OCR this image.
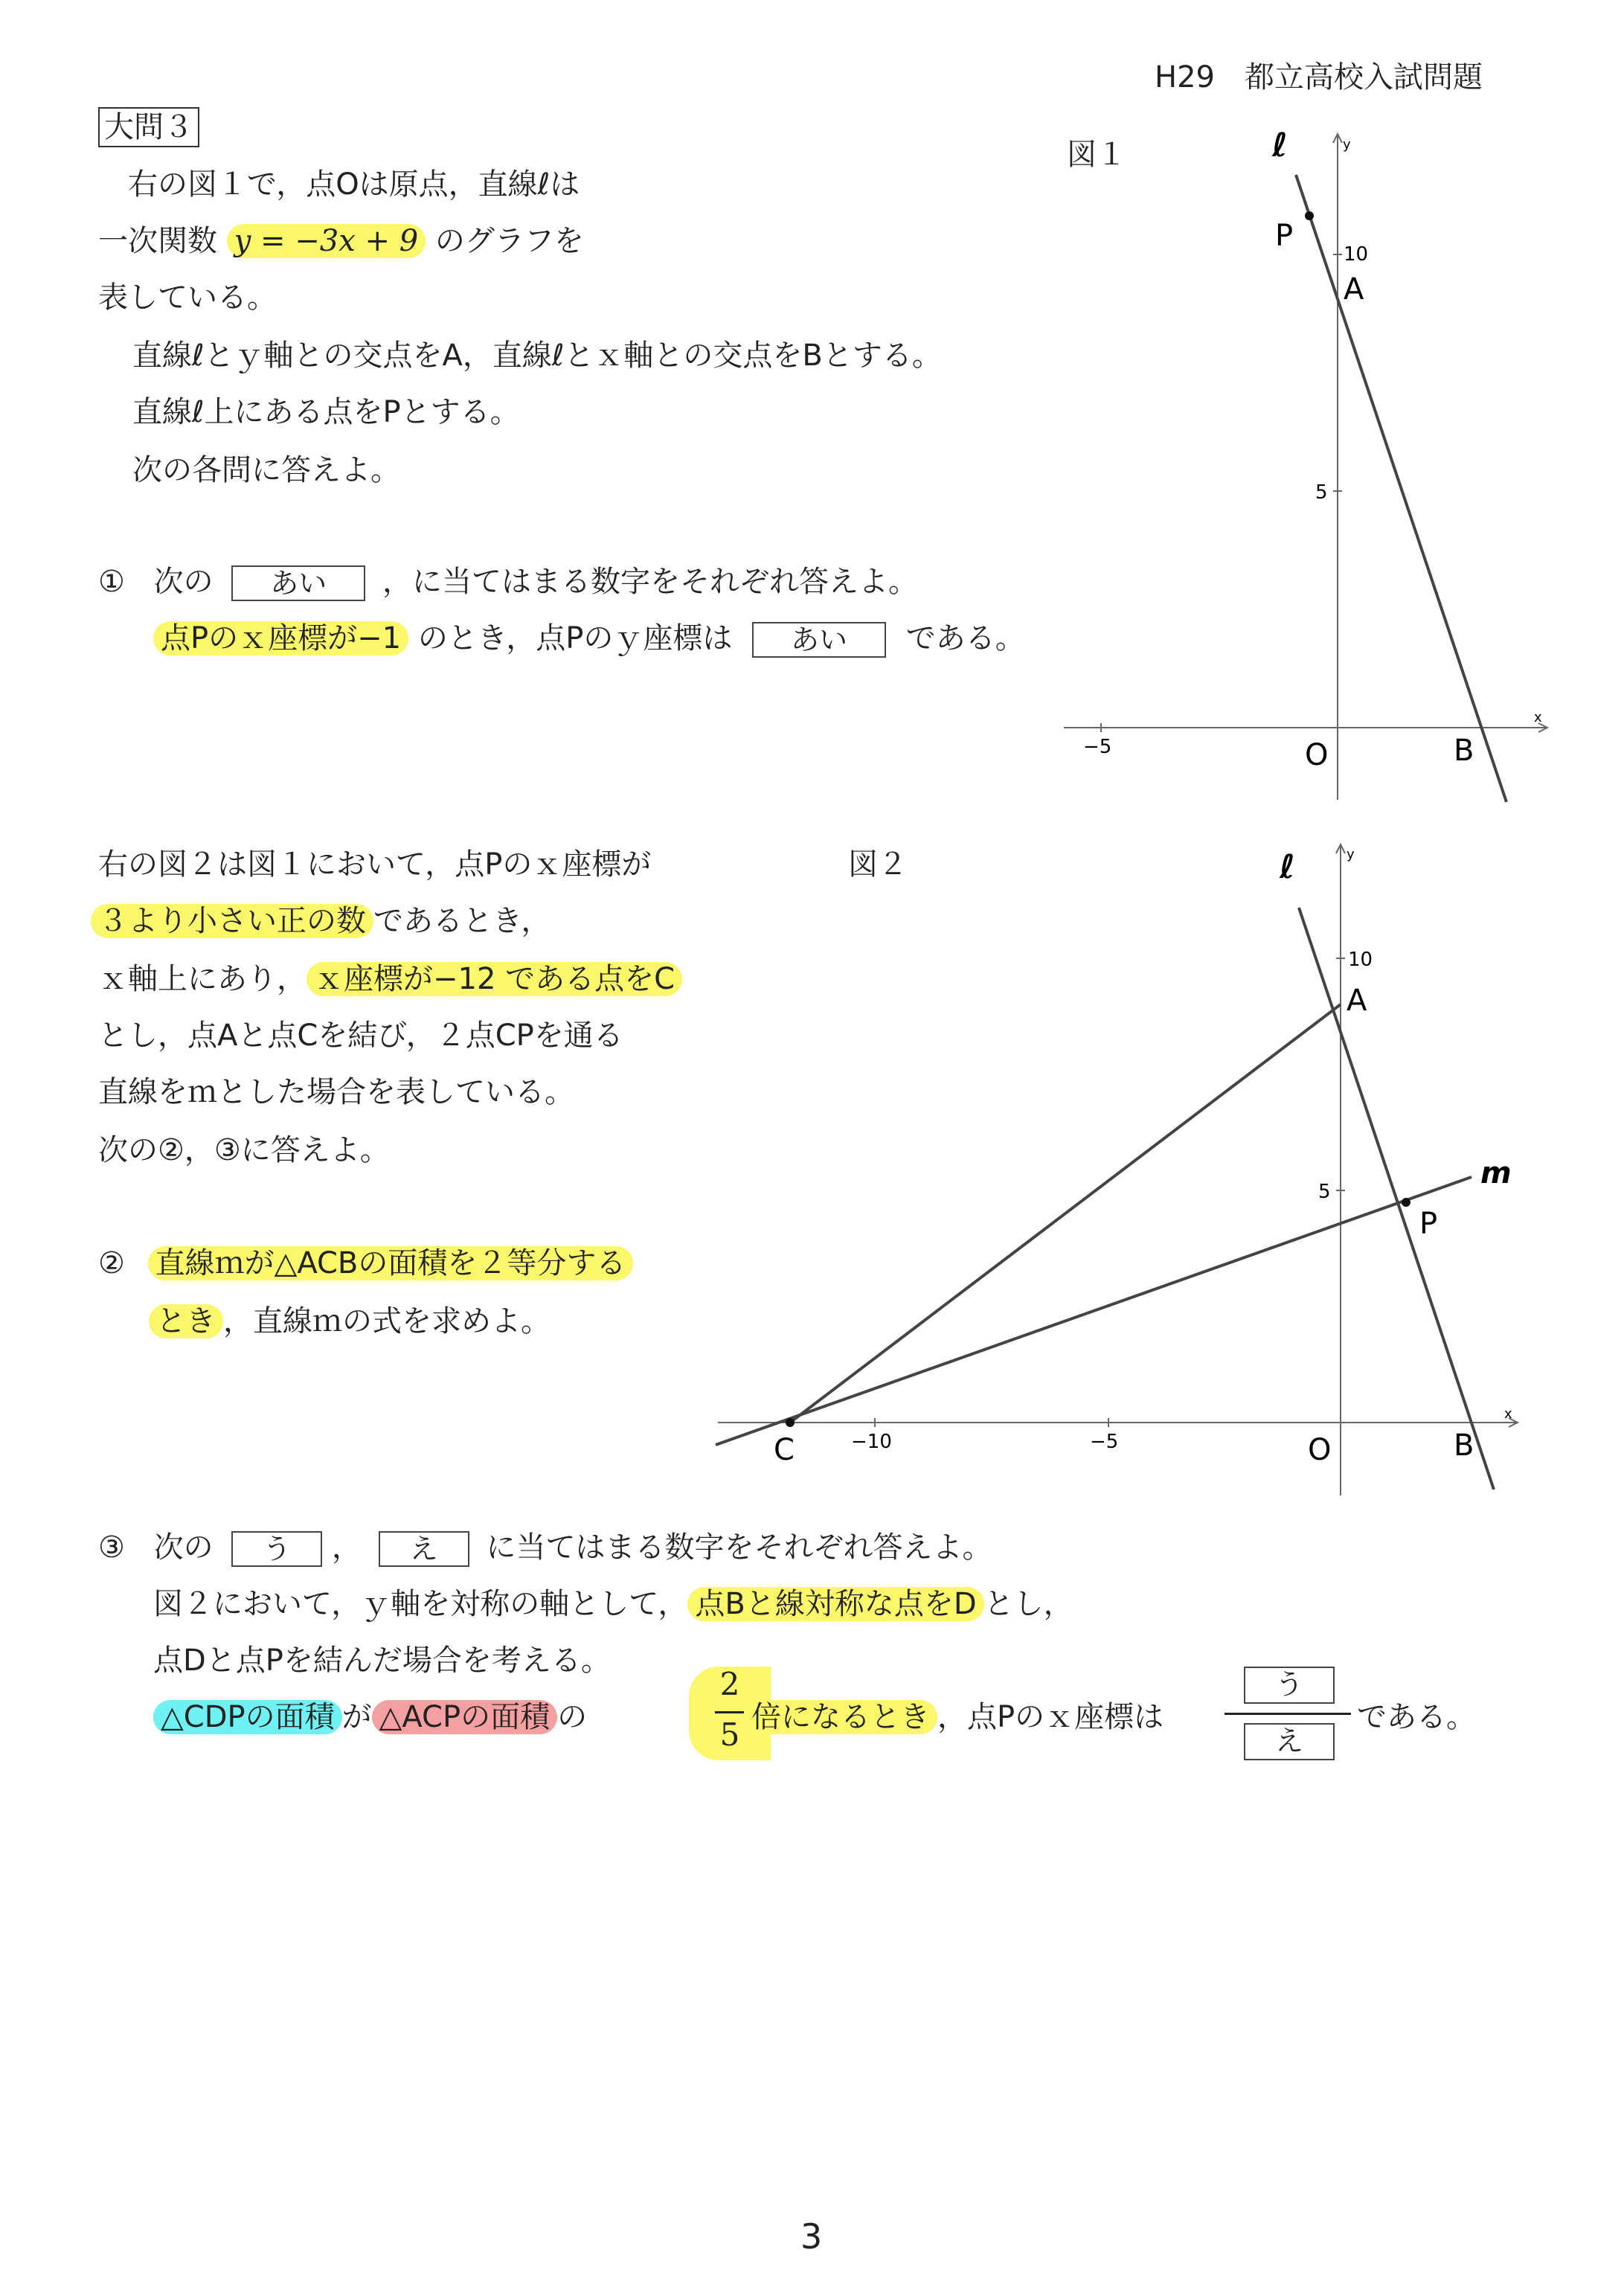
H29　都立高校入試問題
大問３
右の図１で，点Oは原点，直線ℓは
一次関数 y = −3x + 9 のグラフを
表している。
直線ℓとｙ軸との交点をA，直線ℓとｘ軸との交点をBとする。
直線ℓ上にある点をPとする。
次の各問に答えよ。
① 次の あい ，に当てはまる数字をそれぞれ答えよ。
点Pのｘ座標が−1 のとき，点Pのｙ座標は あい である。
図１	ℓ	y
x
10
5
−5
P
A
O	B
右の図２は図１において，点Pのｘ座標が
３より小さい正の数 であるとき，
ｘ軸上にあり， ｘ座標が−12 である点をC
とし，点Aと点Cを結び，２点CPを通る
直線をｍとした場合を表している。
次の②，③に答えよ。
② 直線ｍが△ACBの面積を２等分する
とき ，直線ｍの式を求めよ。
図２	ℓ
m
y
x
10
5
−10	−5
A
P
C	O	B
③ 次の う ， え に当てはまる数字をそれぞれ答えよ。
図２において，ｙ軸を対称の軸として， 点Bと線対称な点をD とし，
点Dと点Pを結んだ場合を考える。
△CDPの面積 が △ACPの面積 の
2
5 倍になるとき ，点Pのｘ座標は
う
え
である。
3
